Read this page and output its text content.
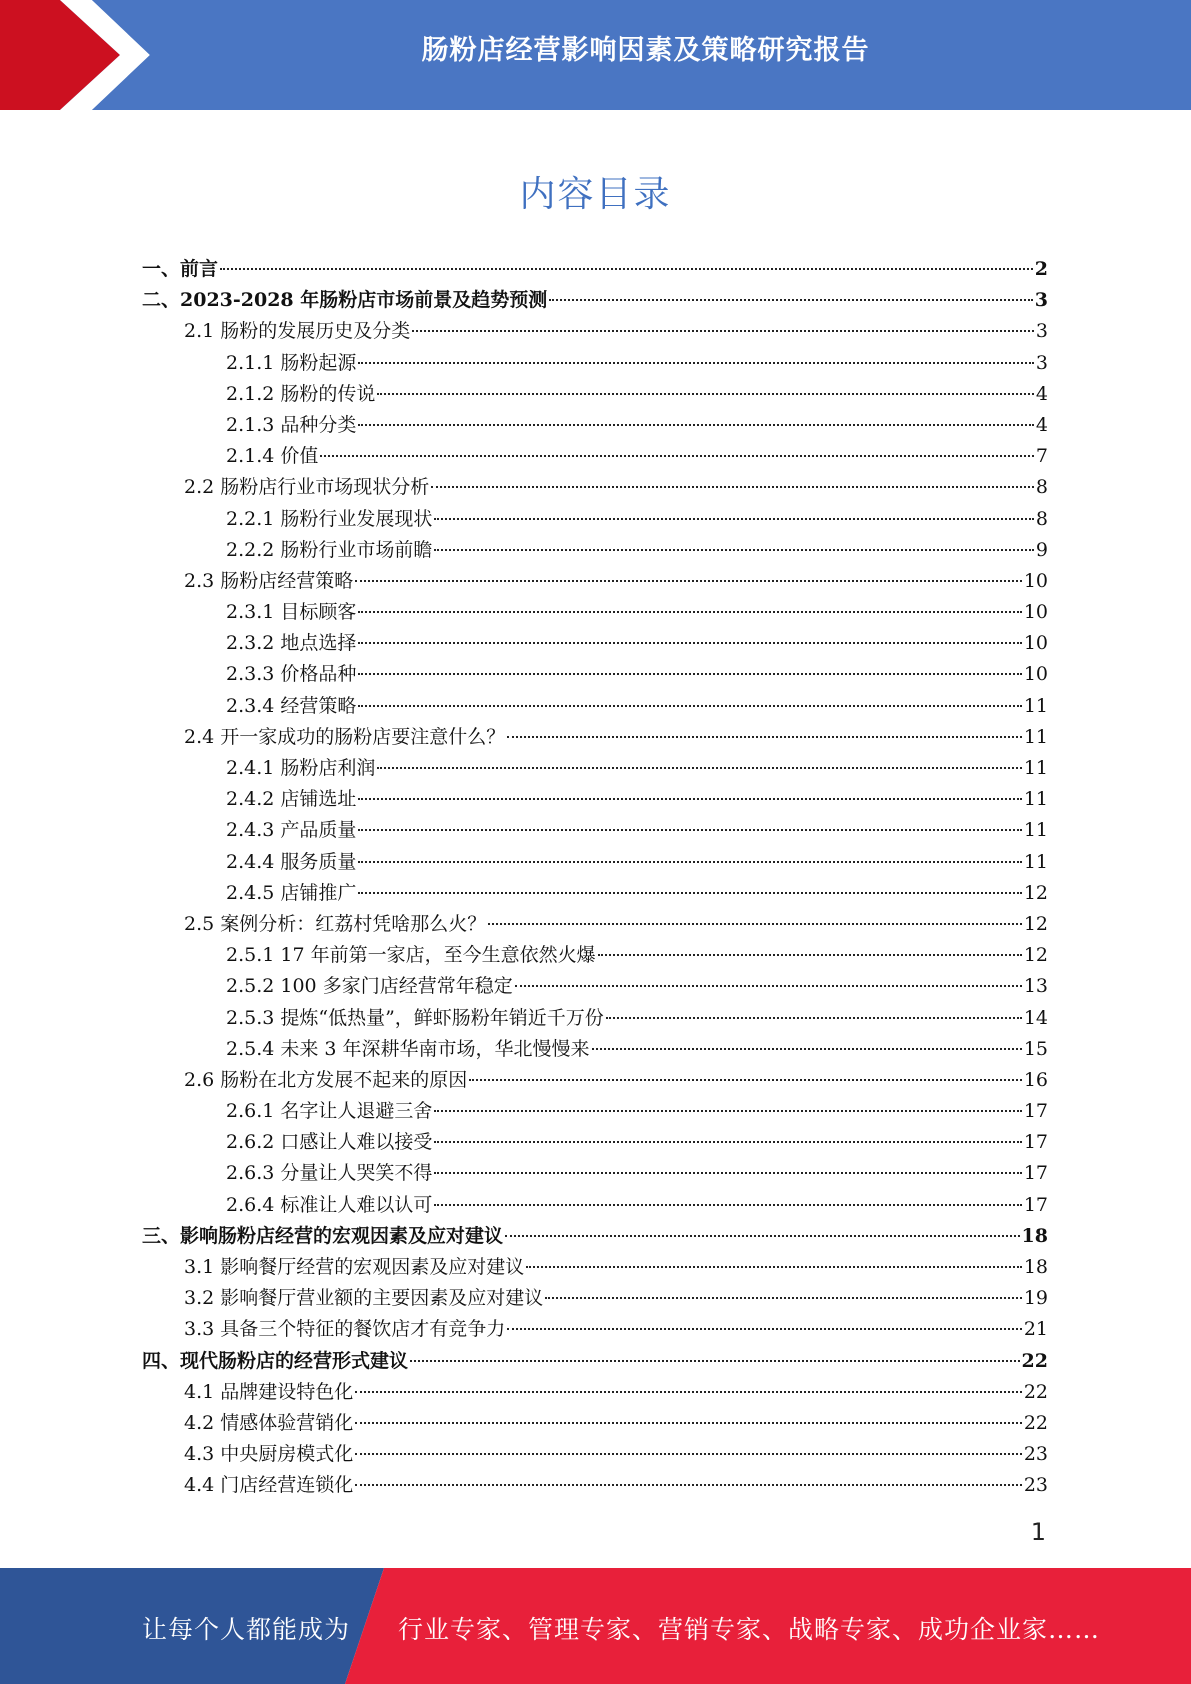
肠粉店经营影响因素及策略研究报告
内容目录
一、前言	2
二、2023-2028 年肠粉店市场前景及趋势预测	3
2.1 肠粉的发展历史及分类	3
2.1.1 肠粉起源	3
2.1.2 肠粉的传说	4
2.1.3 品种分类	4
2.1.4 价值	7
2.2 肠粉店行业市场现状分析	8
2.2.1 肠粉行业发展现状	8
2.2.2 肠粉行业市场前瞻	9
2.3 肠粉店经营策略	10
2.3.1 目标顾客	10
2.3.2 地点选择	10
2.3.3 价格品种	10
2.3.4 经营策略	11
2.4 开一家成功的肠粉店要注意什么？	11
2.4.1 肠粉店利润	11
2.4.2 店铺选址	11
2.4.3 产品质量	11
2.4.4 服务质量	11
2.4.5 店铺推广	12
2.5 案例分析：红荔村凭啥那么火？	12
2.5.1 17 年前第一家店，至今生意依然火爆	12
2.5.2 100 多家门店经营常年稳定	13
2.5.3 提炼“低热量”，鲜虾肠粉年销近千万份	14
2.5.4 未来 3 年深耕华南市场，华北慢慢来	15
2.6 肠粉在北方发展不起来的原因	16
2.6.1 名字让人退避三舍	17
2.6.2 口感让人难以接受	17
2.6.3 分量让人哭笑不得	17
2.6.4 标准让人难以认可	17
三、影响肠粉店经营的宏观因素及应对建议	18
3.1 影响餐厅经营的宏观因素及应对建议	18
3.2 影响餐厅营业额的主要因素及应对建议	19
3.3 具备三个特征的餐饮店才有竞争力	21
四、现代肠粉店的经营形式建议	22
4.1 品牌建设特色化	22
4.2 情感体验营销化	22
4.3 中央厨房模式化	23
4.4 门店经营连锁化	23
1
让每个人都能成为 行业专家、管理专家、营销专家、战略专家、成功企业家……
